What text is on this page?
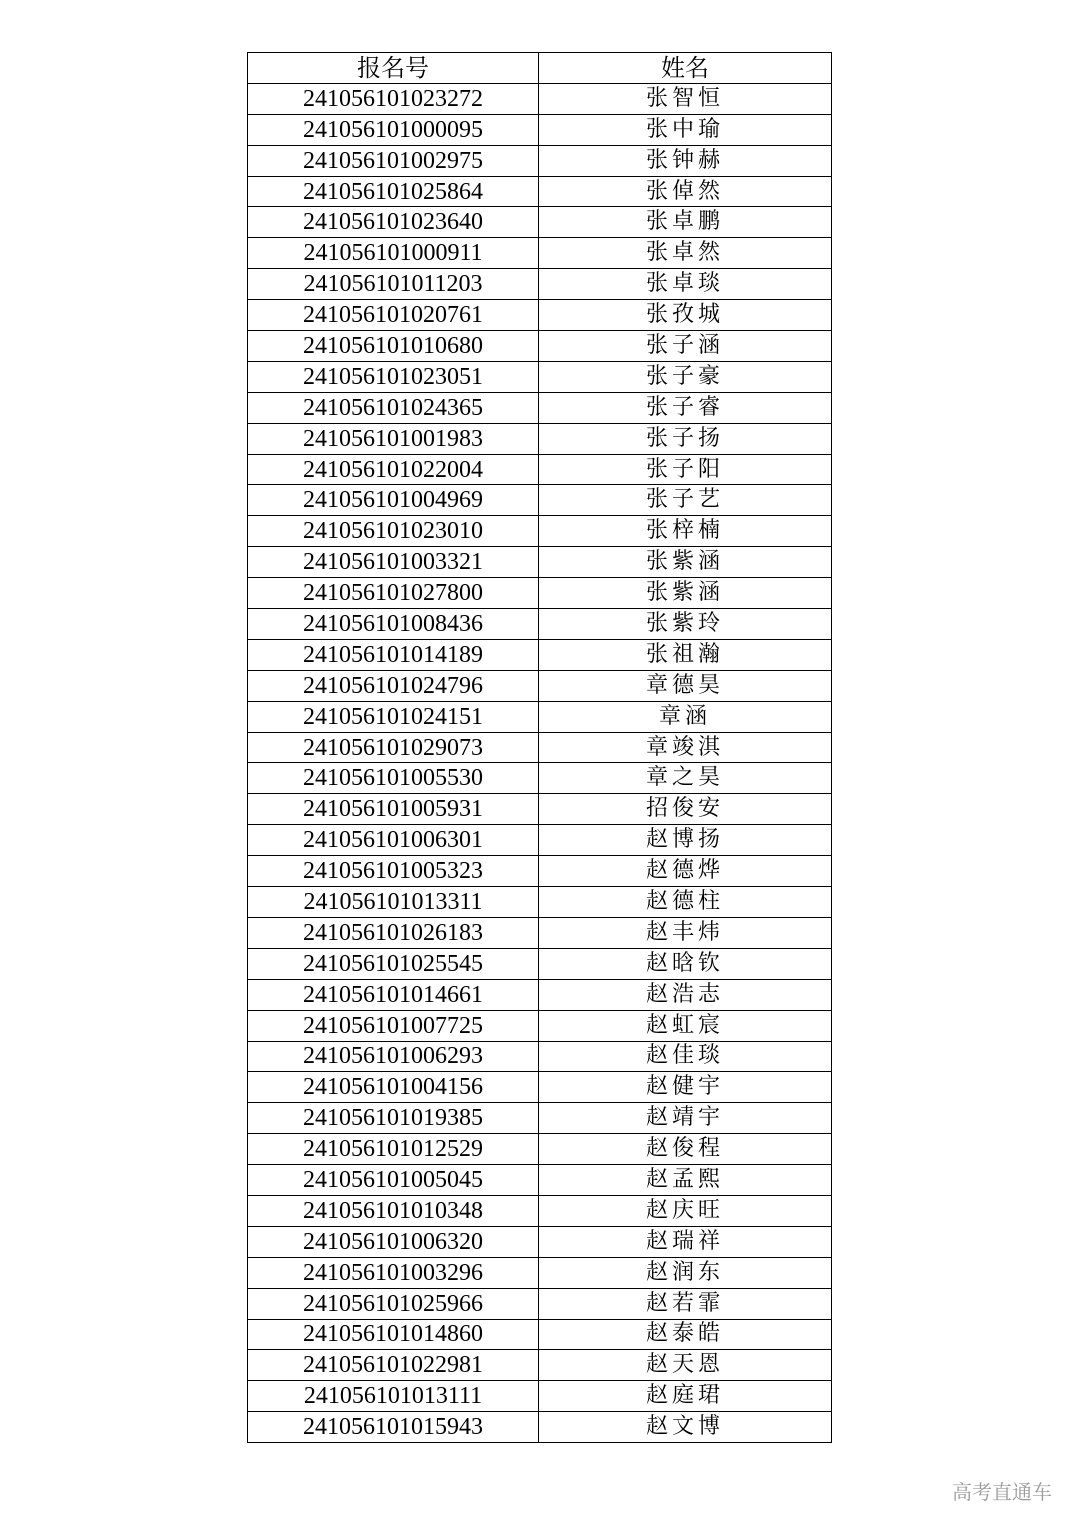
报名号	姓名
241056101023272	张智恒
241056101000095	张中瑜
241056101002975	张钟赫
241056101025864	张倬然
241056101023640	张卓鹏
241056101000911	张卓然
241056101011203	张卓琰
241056101020761	张孜城
241056101010680	张子涵
241056101023051	张子豪
241056101024365	张子睿
241056101001983	张子扬
241056101022004	张子阳
241056101004969	张子艺
241056101023010	张梓楠
241056101003321	张紫涵
241056101027800	张紫涵
241056101008436	张紫玲
241056101014189	张祖瀚
241056101024796	章德昊
241056101024151	章涵
241056101029073	章竣淇
241056101005530	章之昊
241056101005931	招俊安
241056101006301	赵博扬
241056101005323	赵德烨
241056101013311	赵德柱
241056101026183	赵丰炜
241056101025545	赵晗钦
241056101014661	赵浩志
241056101007725	赵虹宸
241056101006293	赵佳琰
241056101004156	赵健宇
241056101019385	赵靖宇
241056101012529	赵俊程
241056101005045	赵孟熙
241056101010348	赵庆旺
241056101006320	赵瑞祥
241056101003296	赵润东
241056101025966	赵若霏
241056101014860	赵泰皓
241056101022981	赵天恩
241056101013111	赵庭珺
241056101015943	赵文博
高考直通车
